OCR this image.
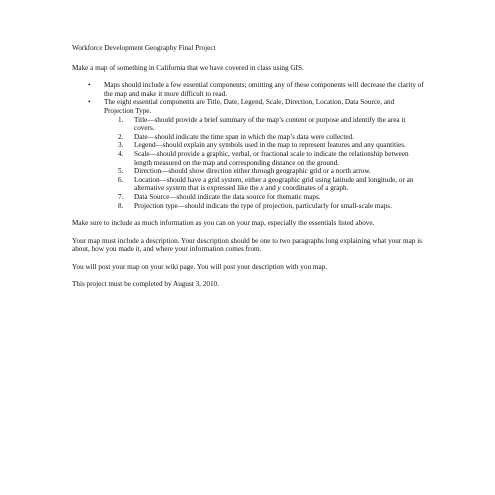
Workforce Development Geography Final Project

Make a map of something in California that we have covered in class using GIS.

• Maps should include a few essential components; omitting any of these components will decrease the clarity of the map and make it more difficult to read.
• The eight essential components are Title, Date, Legend, Scale, Direction, Location, Data Source, and Projection Type.
1. Title—should provide a brief summary of the map’s content or purpose and identify the area it covers.
2. Date—should indicate the time span in which the map’s data were collected.
3. Legend—should explain any symbols used in the map to represent features and any quantities.
4. Scale—should provide a graphic, verbal, or fractional scale to indicate the relationship between length measured on the map and corresponding distance on the ground.
5. Direction—should show direction either through geographic grid or a north arrow.
6. Location—should have a grid system, either a geographic grid using latitude and longitude, or an alternative system that is expressed like the x and y coordinates of a graph.
7. Data Source—should indicate the data source for thematic maps.
8. Projection type—should indicate the type of projection, particularly for small-scale maps.

Make sure to include as much information as you can on your map, especially the essentials listed above.

Your map must include a description. Your description should be one to two paragraphs long explaining what your map is about, how you made it, and where your information comes from.

You will post your map on your wiki page. You will post your description with you map.

This project must be completed by August 3, 2010.
